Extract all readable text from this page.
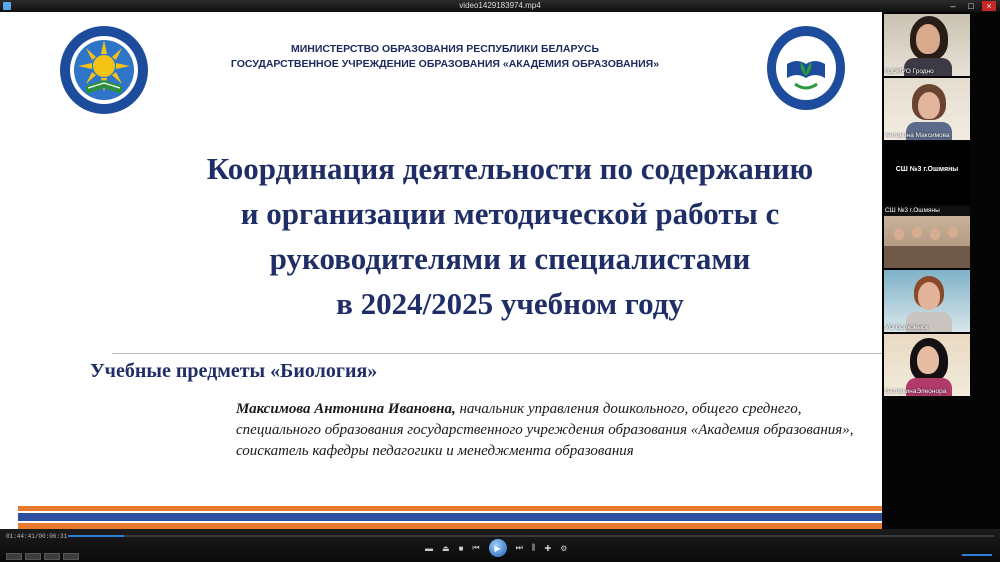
video1429183974.mp4	–	□	×
МИНИСТЕРСТВО ОБРАЗОВАНИЯ РЕСПУБЛИКИ БЕЛАРУСЬ
ГОСУДАРСТВЕННОЕ УЧРЕЖДЕНИЕ ОБРАЗОВАНИЯ «АКАДЕМИЯ ОБРАЗОВАНИЯ»
Координация деятельности по содержанию
и организации методической работы с
руководителями и специалистами
в 2024/2025 учебном году
Учебные предметы «Биология»
Максимова Антонина Ивановна, начальник управления дошкольного, общего среднего, специального образования государственного учреждения образования «Академия образования», соискатель кафедры педагогики и менеджмента образования
ГрОИРО Гродно
Антонина Максимова
СШ №3 г.Ошмяны
СШ №3 г.Ошмяны
УО Волковыск
БатовкинаЭлеонора
01:44:41/00:06:31
▬ ⏏ ■ ⏮	▶	⏭ ⫼ ✚ ⚙
